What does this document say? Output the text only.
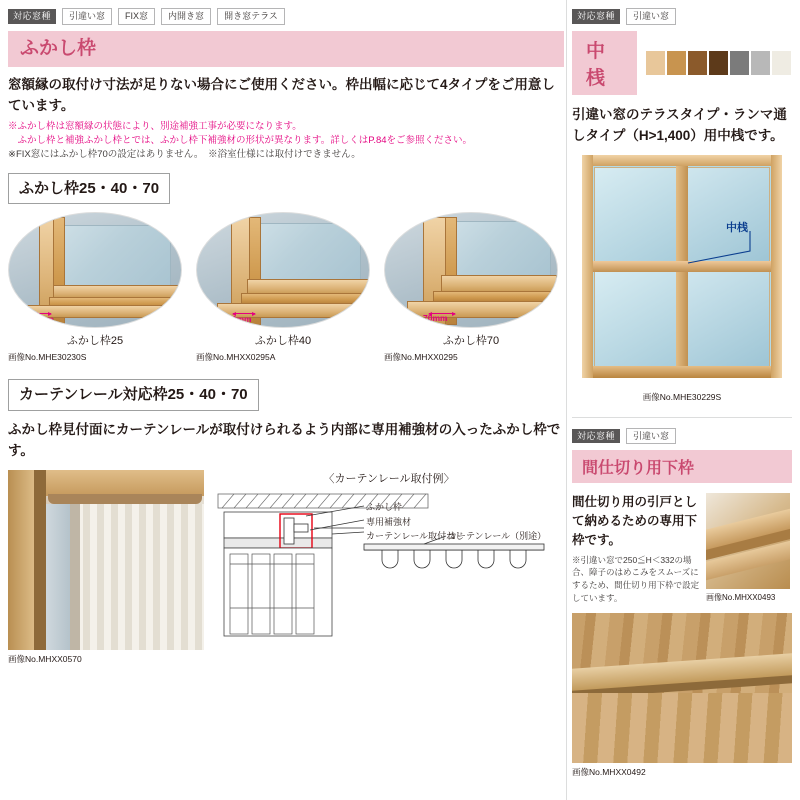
対応窓種	引違い窓	FIX窓	内開き窓	開き窓テラス
ふかし枠
窓額縁の取付け寸法が足りない場合にご使用ください。枠出幅に応じて4タイプをご用意しています。
※ふかし枠は窓額縁の状態により、別途補強工事が必要になります。
　ふかし枠と補強ふかし枠とでは、ふかし枠下補強材の形状が異なります。詳しくはP.84をご参照ください。
※FIX窓にはふかし枠70の設定はありません。　※浴室仕様には取付けできません。
ふかし枠25・40・70
25mm
ふかし枠25
画像No.MHE30230S
40mm
ふかし枠40
画像No.MHXX0295A
70mm
ふかし枠70
画像No.MHXX0295
カーテンレール対応枠25・40・70
ふかし枠見付面にカーテンレールが取付けられるよう内部に専用補強材の入ったふかし枠です。
画像No.MHXX0570
〈カーテンレール取付例〉
ふかし枠
専用補強材
カーテンレール取付ねじ
カーテンレール（別途）
対応窓種	引違い窓
中桟
引違い窓のテラスタイプ・ランマ通しタイプ（H>1,400）用中桟です。
中桟
画像No.MHE30229S
対応窓種	引違い窓
間仕切り用下枠
間仕切り用の引戸として納めるための専用下枠です。
※引違い窓で250≦H＜332の場合、障子のはめこみをスムーズにするため、間仕切り用下枠で設定しています。	画像No.MHXX0493
画像No.MHXX0492
